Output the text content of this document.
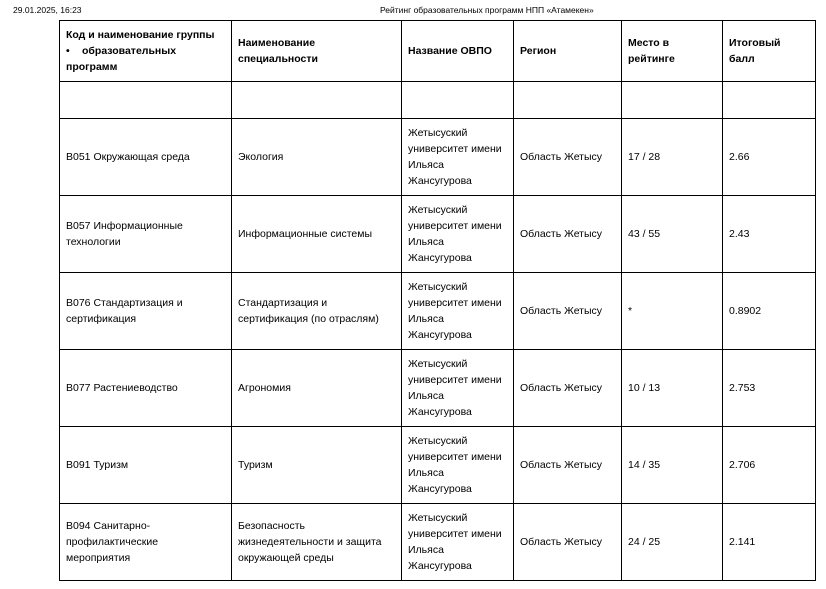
29.01.2025, 16:23	Рейтинг образовательных программ НПП «Атамекен»
Код и наименование группы
• образовательных
программ	Наименование специальности	Название ОВПО	Регион	Место в рейтинге	Итоговый балл

В051 Окружающая среда	Экология	Жетысуский университет имени Ильяса Жансугурова	Область Жетысу	17 / 28	2.66
В057 Информационные технологии	Информационные системы	Жетысуский университет имени Ильяса Жансугурова	Область Жетысу	43 / 55	2.43
В076 Стандартизация и сертификация	Стандартизация и сертификация (по отраслям)	Жетысуский университет имени Ильяса Жансугурова	Область Жетысу	*	0.8902
В077 Растениеводство	Агрономия	Жетысуский университет имени Ильяса Жансугурова	Область Жетысу	10 / 13	2.753
В091 Туризм	Туризм	Жетысуский университет имени Ильяса Жансугурова	Область Жетысу	14 / 35	2.706
В094 Санитарно-профилактические мероприятия	Безопасность жизнедеятельности и защита окружающей среды	Жетысуский университет имени Ильяса Жансугурова	Область Жетысу	24 / 25	2.141
